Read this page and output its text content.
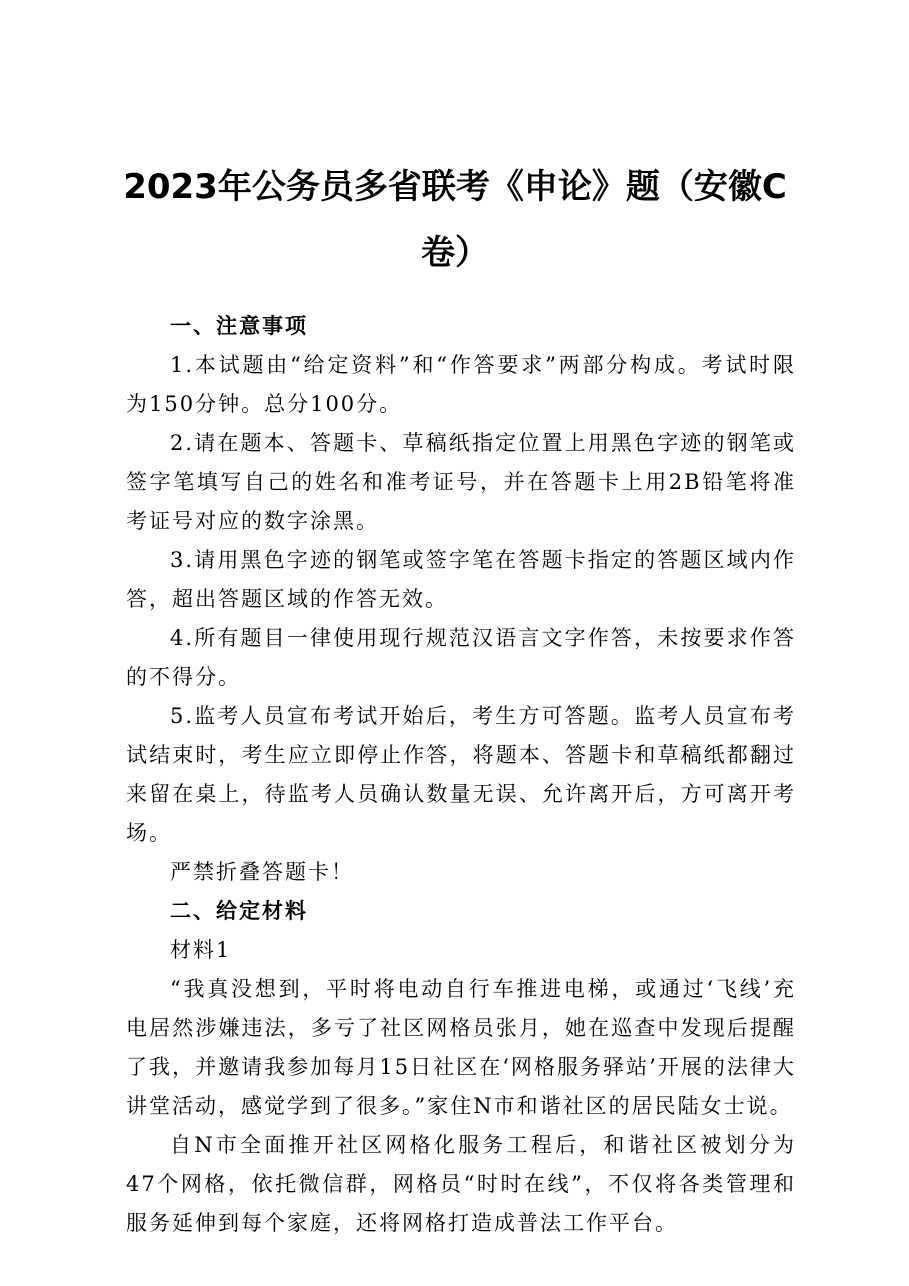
2023年公务员多省联考《申论》题（安徽C
卷）

一、注意事项

1.本试题由“给定资料”和“作答要求”两部分构成。考试时限为150分钟。总分100分。

2.请在题本、答题卡、草稿纸指定位置上用黑色字迹的钢笔或签字笔填写自己的姓名和准考证号，并在答题卡上用2B铅笔将准考证号对应的数字涂黑。

3.请用黑色字迹的钢笔或签字笔在答题卡指定的答题区域内作答，超出答题区域的作答无效。

4.所有题目一律使用现行规范汉语言文字作答，未按要求作答的不得分。

5.监考人员宣布考试开始后，考生方可答题。监考人员宣布考试结束时，考生应立即停止作答，将题本、答题卡和草稿纸都翻过来留在桌上，待监考人员确认数量无误、允许离开后，方可离开考场。

严禁折叠答题卡！

二、给定材料

材料1

“我真没想到，平时将电动自行车推进电梯，或通过‘飞线’充电居然涉嫌违法，多亏了社区网格员张月，她在巡查中发现后提醒了我，并邀请我参加每月15日社区在‘网格服务驿站’开展的法律大讲堂活动，感觉学到了很多。”家住N市和谐社区的居民陆女士说。

自N市全面推开社区网格化服务工程后，和谐社区被划分为47个网格，依托微信群，网格员“时时在线”，不仅将各类管理和服务延伸到每个家庭，还将网格打造成普法工作平台。
